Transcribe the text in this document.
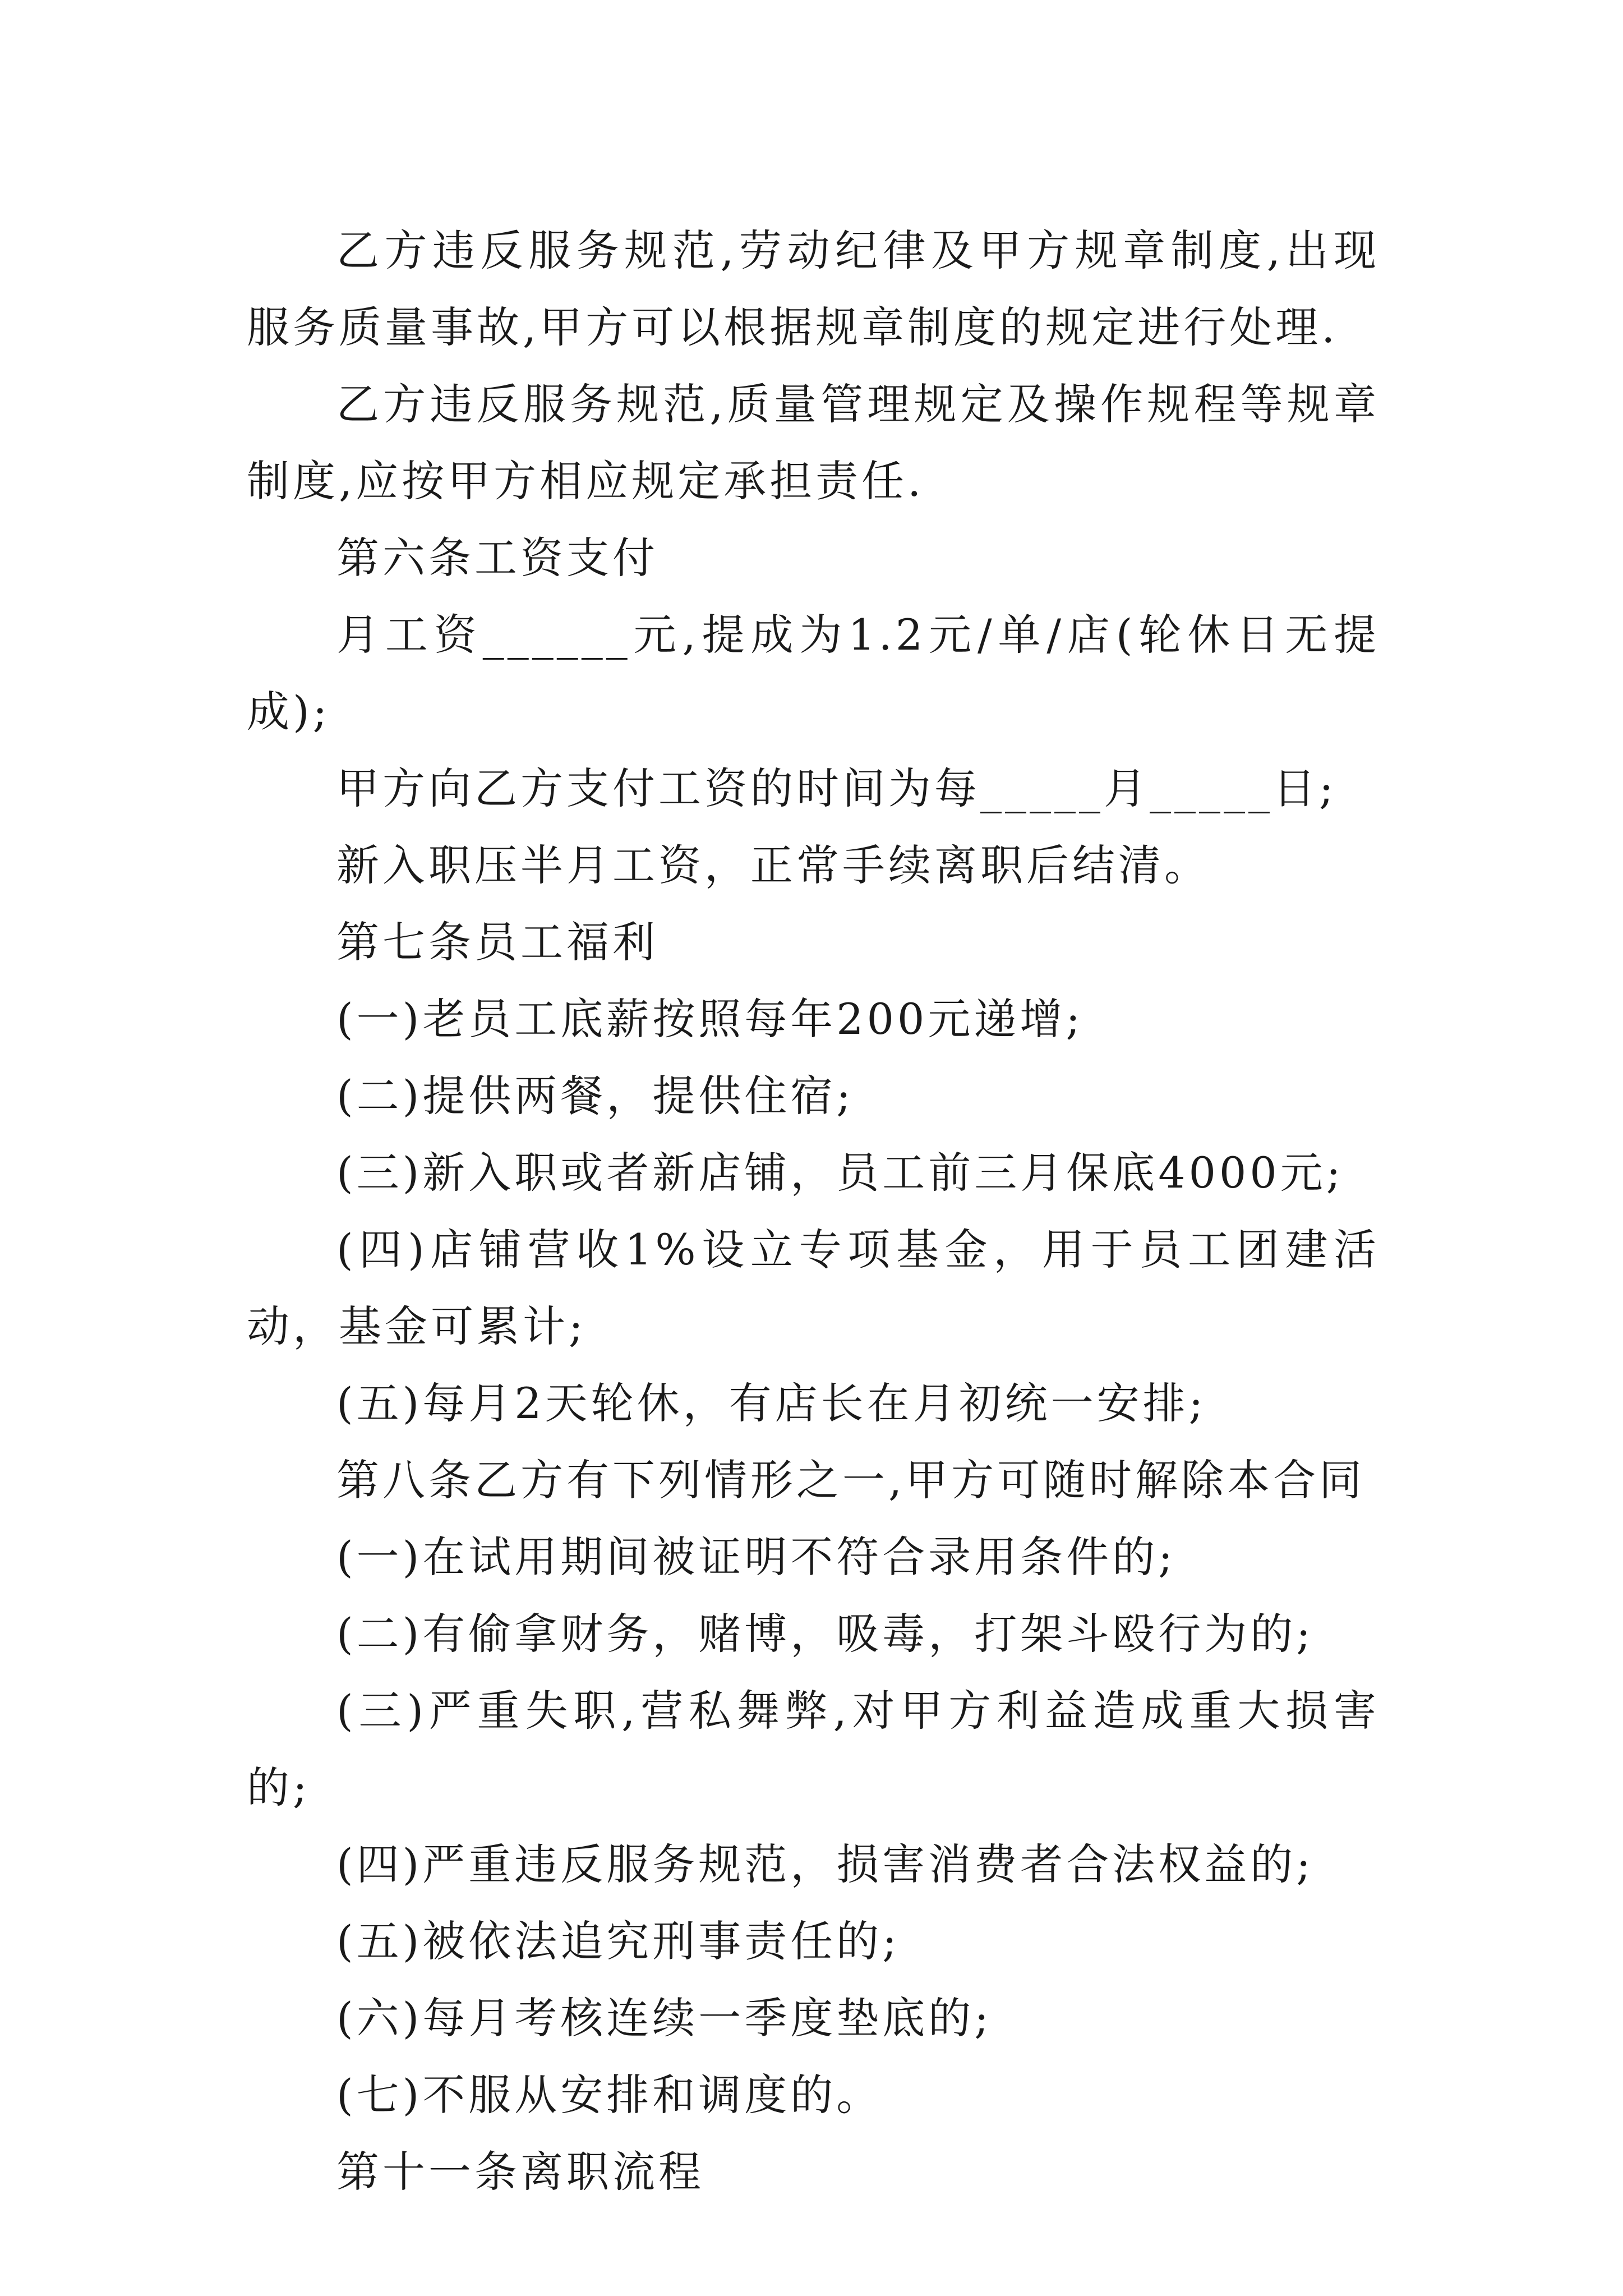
乙方违反服务规范,劳动纪律及甲方规章制度,出现服务质量事故,甲方可以根据规章制度的规定进行处理.

乙方违反服务规范,质量管理规定及操作规程等规章制度,应按甲方相应规定承担责任.

第六条工资支付

月工资______元,提成为1.2元/单/店(轮休日无提成);

甲方向乙方支付工资的时间为每_____月_____日;

新入职压半月工资，正常手续离职后结清。

第七条员工福利

(一)老员工底薪按照每年200元递增;

(二)提供两餐，提供住宿;

(三)新入职或者新店铺，员工前三月保底4000元;

(四)店铺营收1%设立专项基金，用于员工团建活动，基金可累计;

(五)每月2天轮休，有店长在月初统一安排;

第八条乙方有下列情形之一,甲方可随时解除本合同

(一)在试用期间被证明不符合录用条件的;

(二)有偷拿财务，赌博，吸毒，打架斗殴行为的;

(三)严重失职,营私舞弊,对甲方利益造成重大损害的;

(四)严重违反服务规范，损害消费者合法权益的;

(五)被依法追究刑事责任的;

(六)每月考核连续一季度垫底的;

(七)不服从安排和调度的。

第十一条离职流程
